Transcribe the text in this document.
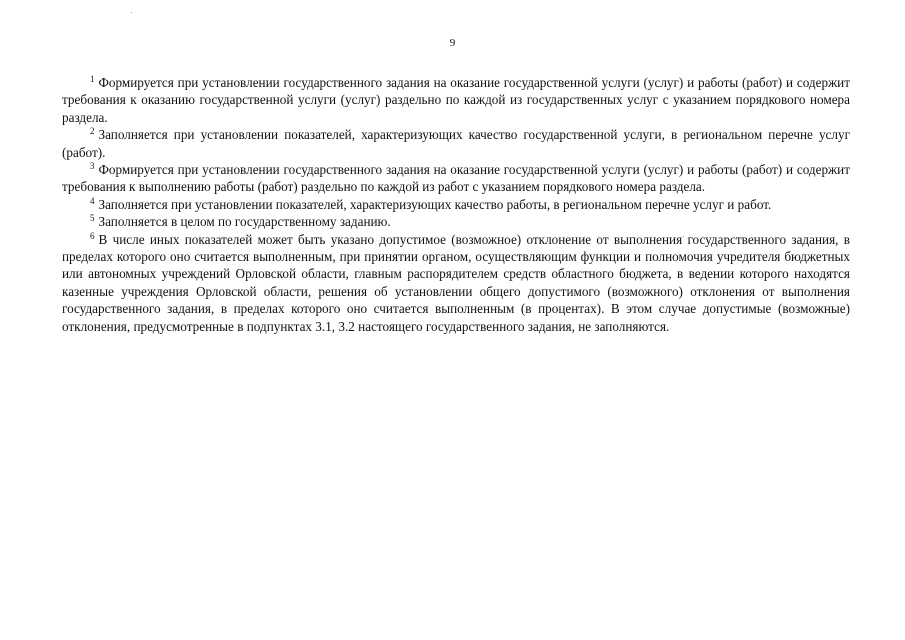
9

$^1$ Формируется при установлении государственного задания на оказание государственной услуги (услуг) и работы (работ) и содержит требования к оказанию государственной услуги (услуг) раздельно по каждой из государственных услуг с указанием порядкового номера раздела.

$^2$ Заполняется при установлении показателей, характеризующих качество государственной услуги, в региональном перечне услуг (работ).

$^3$ Формируется при установлении государственного задания на оказание государственной услуги (услуг) и работы (работ) и содержит требования к выполнению работы (работ) раздельно по каждой из работ с указанием порядкового номера раздела.

$^4$ Заполняется при установлении показателей, характеризующих качество работы, в региональном перечне услуг и работ.

$^5$ Заполняется в целом по государственному заданию.

$^6$ В числе иных показателей может быть указано допустимое (возможное) отклонение от выполнения государственного задания, в пределах которого оно считается выполненным, при принятии органом, осуществляющим функции и полномочия учредителя бюджетных или автономных учреждений Орловской области, главным распорядителем средств областного бюджета, в ведении которого находятся казенные учреждения Орловской области, решения об установлении общего допустимого (возможного) отклонения от выполнения государственного задания, в пределах которого оно считается выполненным (в процентах). В этом случае допустимые (возможные) отклонения, предусмотренные в подпунктах 3.1, 3.2 настоящего государственного задания, не заполняются.
